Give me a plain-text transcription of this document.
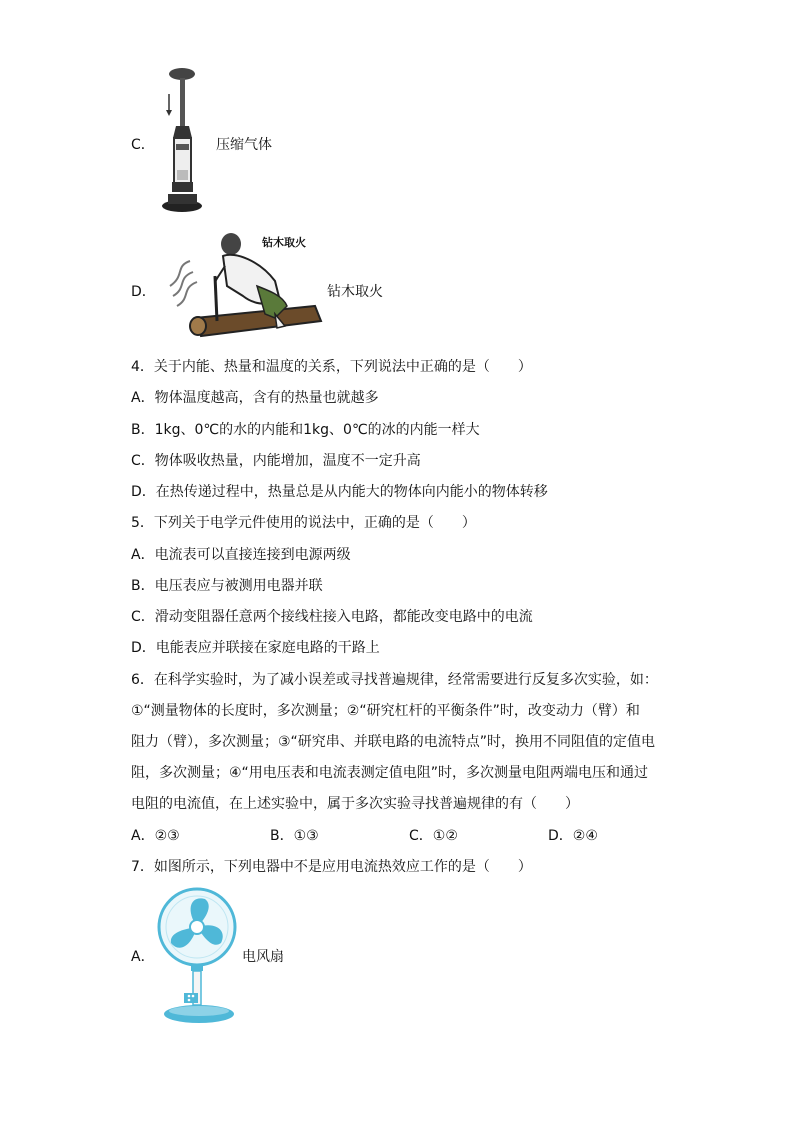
C．	压缩气体
D．
钻木取火
钻木取火
4．关于内能、热量和温度的关系，下列说法中正确的是（　　）
A．物体温度越高，含有的热量也就越多
B．1kg、0℃的水的内能和1kg、0℃的冰的内能一样大
C．物体吸收热量，内能增加，温度不一定升高
D．在热传递过程中，热量总是从内能大的物体向内能小的物体转移
5．下列关于电学元件使用的说法中，正确的是（　　）
A．电流表可以直接连接到电源两级
B．电压表应与被测用电器并联
C．滑动变阻器任意两个接线柱接入电路，都能改变电路中的电流
D．电能表应并联接在家庭电路的干路上
6．在科学实验时，为了减小误差或寻找普遍规律，经常需要进行反复多次实验，如：
①“测量物体的长度时，多次测量；②“研究杠杆的平衡条件”时，改变动力（臂）和
阻力（臂），多次测量；③“研究串、并联电路的电流特点”时，换用不同阻值的定值电
阻，多次测量；④“用电压表和电流表测定值电阻”时，多次测量电阻两端电压和通过
电阻的电流值，在上述实验中，属于多次实验寻找普遍规律的有（　　）
A．②③	B．①③	C．①②	D．②④
7．如图所示，下列电器中不是应用电流热效应工作的是（　　）
A．	电风扇
